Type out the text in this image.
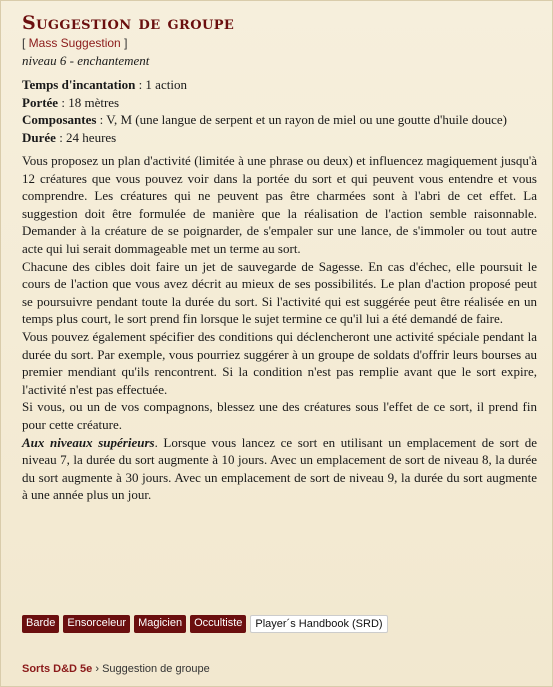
Suggestion de groupe
[ Mass Suggestion ]
niveau 6 - enchantement
Temps d'incantation : 1 action
Portée : 18 mètres
Composantes : V, M (une langue de serpent et un rayon de miel ou une goutte d'huile douce)
Durée : 24 heures

Vous proposez un plan d'activité (limitée à une phrase ou deux) et influencez magiquement jusqu'à 12 créatures que vous pouvez voir dans la portée du sort et qui peuvent vous entendre et vous comprendre. Les créatures qui ne peuvent pas être charmées sont à l'abri de cet effet. La suggestion doit être formulée de manière que la réalisation de l'action semble raisonnable. Demander à la créature de se poignarder, de s'empaler sur une lance, de s'immoler ou tout autre acte qui lui serait dommageable met un terme au sort.

Chacune des cibles doit faire un jet de sauvegarde de Sagesse. En cas d'échec, elle poursuit le cours de l'action que vous avez décrit au mieux de ses possibilités. Le plan d'action proposé peut se poursuivre pendant toute la durée du sort. Si l'activité qui est suggérée peut être réalisée en un temps plus court, le sort prend fin lorsque le sujet termine ce qu'il lui a été demandé de faire.

Vous pouvez également spécifier des conditions qui déclencheront une activité spéciale pendant la durée du sort. Par exemple, vous pourriez suggérer à un groupe de soldats d'offrir leurs bourses au premier mendiant qu'ils rencontrent. Si la condition n'est pas remplie avant que le sort expire, l'activité n'est pas effectuée.

Si vous, ou un de vos compagnons, blessez une des créatures sous l'effet de ce sort, il prend fin pour cette créature.

Aux niveaux supérieurs. Lorsque vous lancez ce sort en utilisant un emplacement de sort de niveau 7, la durée du sort augmente à 10 jours. Avec un emplacement de sort de niveau 8, la durée du sort augmente à 30 jours. Avec un emplacement de sort de niveau 9, la durée du sort augmente à une année plus un jour.

Barde	Ensorceleur	Magicien	Occultiste	Player´s Handbook (SRD)
Sorts D&D 5e › Suggestion de groupe
